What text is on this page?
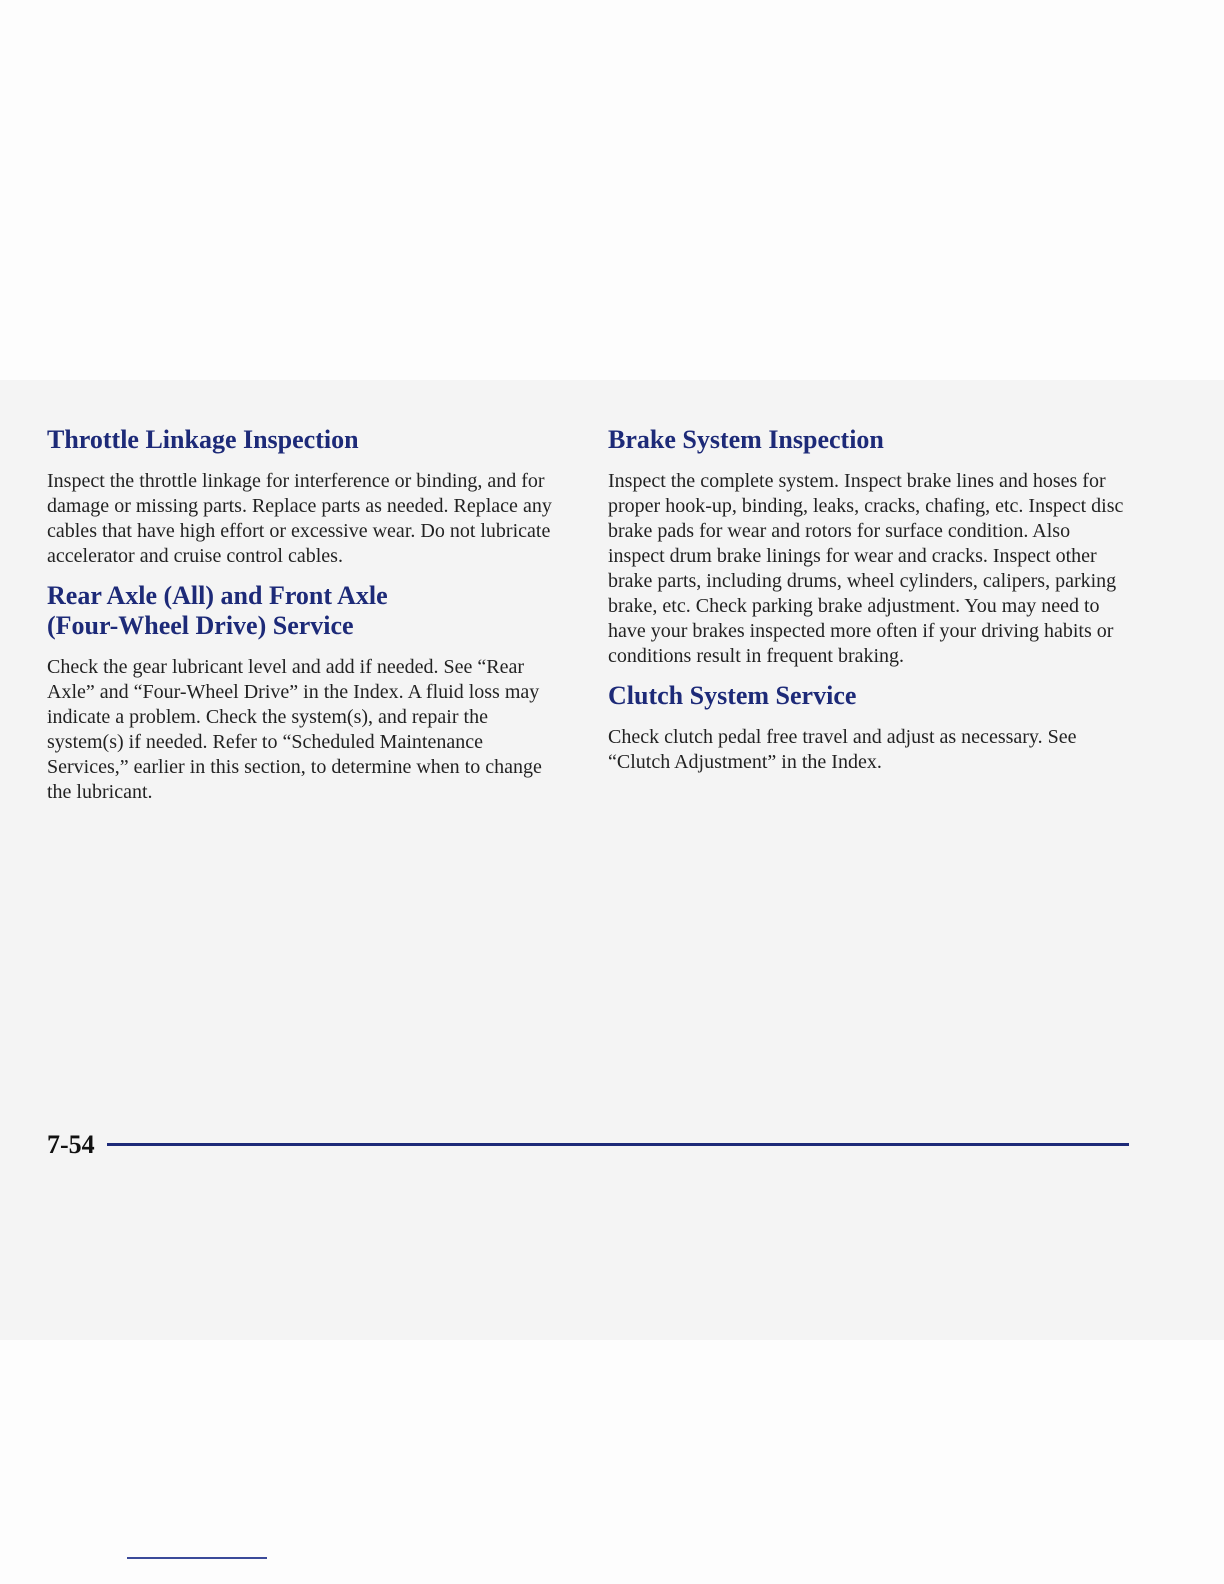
Throttle Linkage Inspection

Inspect the throttle linkage for interference or binding, and for damage or missing parts. Replace parts as needed. Replace any cables that have high effort or excessive wear. Do not lubricate accelerator and cruise control cables.

Rear Axle (All) and Front Axle
(Four-Wheel Drive) Service

Check the gear lubricant level and add if needed. See “Rear Axle” and “Four-Wheel Drive” in the Index. A fluid loss may indicate a problem. Check the system(s), and repair the system(s) if needed. Refer to “Scheduled Maintenance Services,” earlier in this section, to determine when to change the lubricant.

Brake System Inspection

Inspect the complete system. Inspect brake lines and hoses for proper hook-up, binding, leaks, cracks, chafing, etc. Inspect disc brake pads for wear and rotors for surface condition. Also inspect drum brake linings for wear and cracks. Inspect other brake parts, including drums, wheel cylinders, calipers, parking brake, etc. Check parking brake adjustment. You may need to have your brakes inspected more often if your driving habits or conditions result in frequent braking.

Clutch System Service

Check clutch pedal free travel and adjust as necessary. See “Clutch Adjustment” in the Index.

7-54
